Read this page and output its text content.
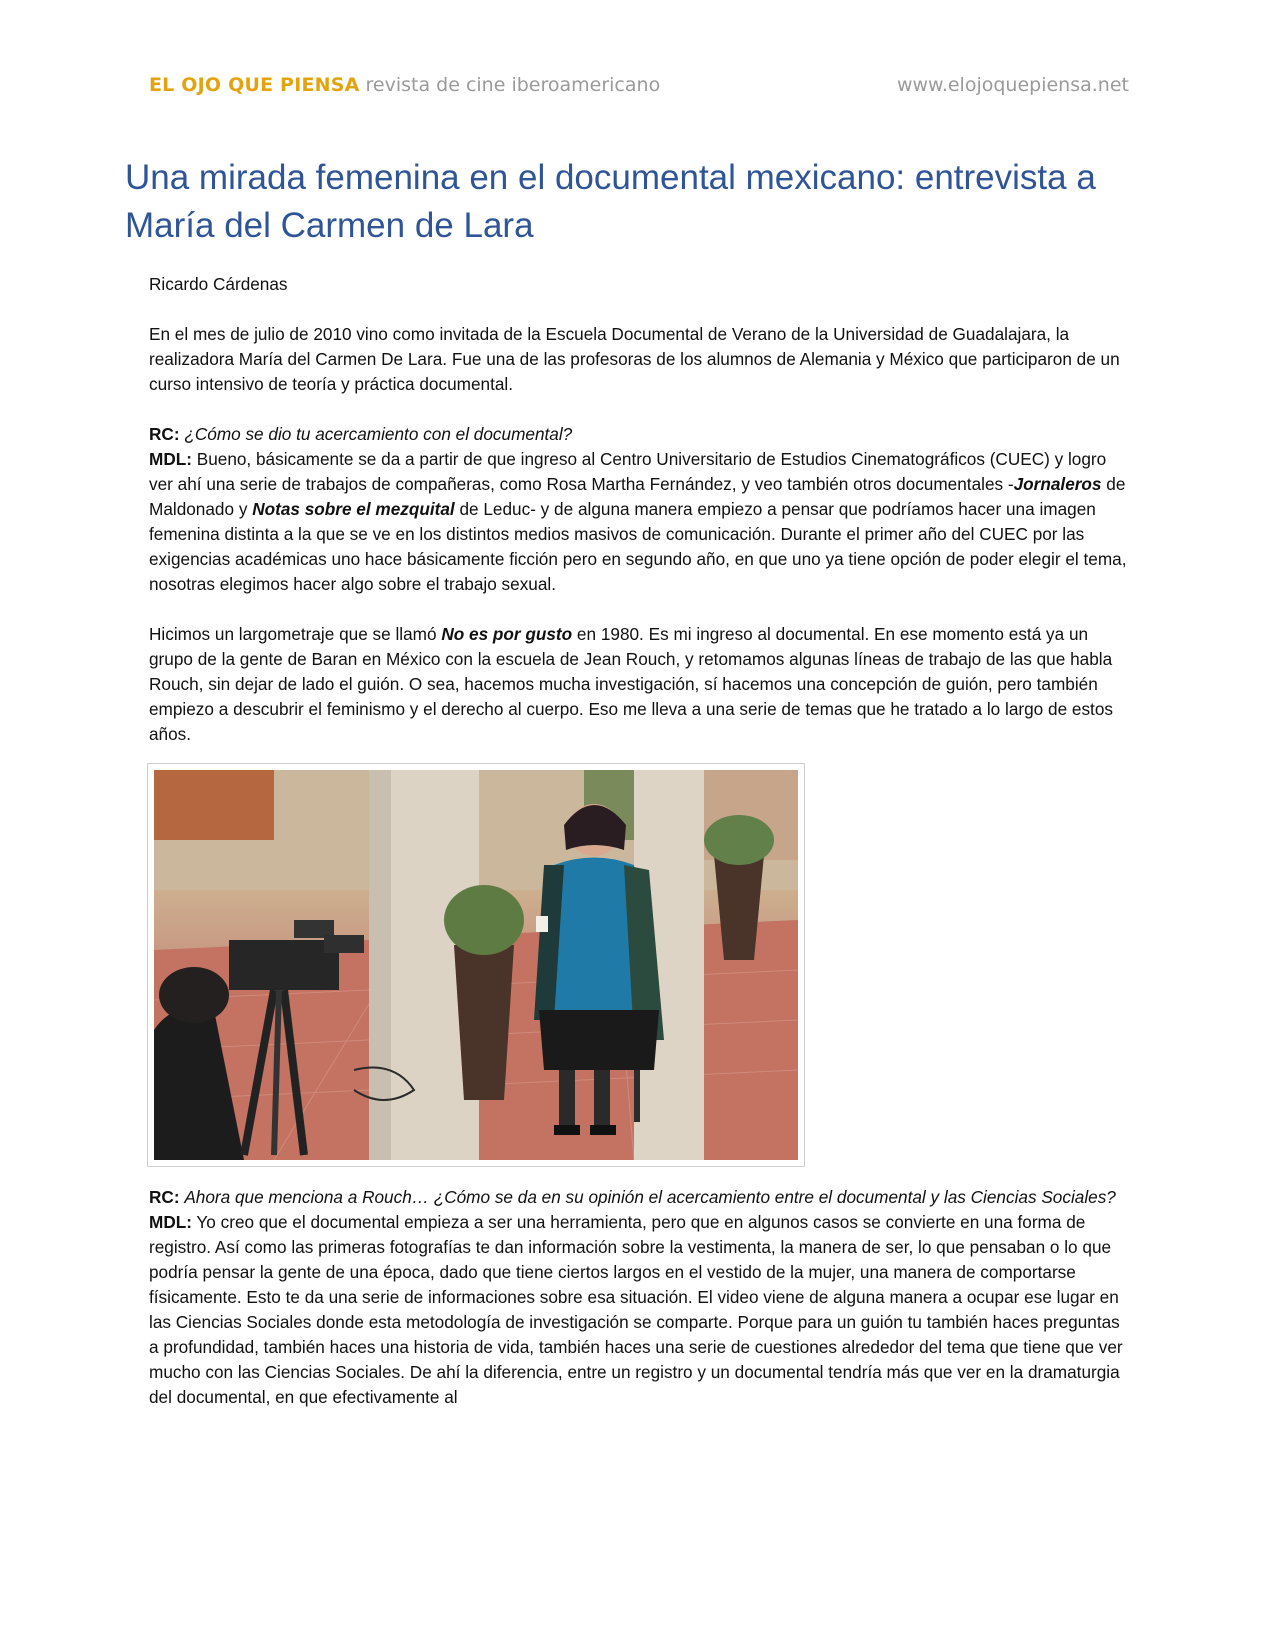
EL OJO QUE PIENSA revista de cine iberoamericano	www.elojoquepiensa.net
Una mirada femenina en el documental mexicano: entrevista a María del Carmen de Lara

Ricardo Cárdenas

En el mes de julio de 2010 vino como invitada de la Escuela Documental de Verano de la Universidad de Guadalajara, la realizadora María del Carmen De Lara. Fue una de las profesoras de los alumnos de Alemania y México que participaron de un curso intensivo de teoría y práctica documental.

RC: ¿Cómo se dio tu acercamiento con el documental?

MDL: Bueno, básicamente se da a partir de que ingreso al Centro Universitario de Estudios Cinematográficos (CUEC) y logro ver ahí una serie de trabajos de compañeras, como Rosa Martha Fernández, y veo también otros documentales -Jornaleros de Maldonado y Notas sobre el mezquital de Leduc- y de alguna manera empiezo a pensar que podríamos hacer una imagen femenina distinta a la que se ve en los distintos medios masivos de comunicación. Durante el primer año del CUEC por las exigencias académicas uno hace básicamente ficción pero en segundo año, en que uno ya tiene opción de poder elegir el tema, nosotras elegimos hacer algo sobre el trabajo sexual.

Hicimos un largometraje que se llamó No es por gusto en 1980. Es mi ingreso al documental. En ese momento está ya un grupo de la gente de Baran en México con la escuela de Jean Rouch, y retomamos algunas líneas de trabajo de las que habla Rouch, sin dejar de lado el guión. O sea, hacemos mucha investigación, sí hacemos una concepción de guión, pero también empiezo a descubrir el feminismo y el derecho al cuerpo. Eso me lleva a una serie de temas que he tratado a lo largo de estos años.

RC: Ahora que menciona a Rouch… ¿Cómo se da en su opinión el acercamiento entre el documental y las Ciencias Sociales?

MDL: Yo creo que el documental empieza a ser una herramienta, pero que en algunos casos se convierte en una forma de registro. Así como las primeras fotografías te dan información sobre la vestimenta, la manera de ser, lo que pensaban o lo que podría pensar la gente de una época, dado que tiene ciertos largos en el vestido de la mujer, una manera de comportarse físicamente. Esto te da una serie de informaciones sobre esa situación. El video viene de alguna manera a ocupar ese lugar en las Ciencias Sociales donde esta metodología de investigación se comparte. Porque para un guión tu también haces preguntas a profundidad, también haces una historia de vida, también haces una serie de cuestiones alrededor del tema que tiene que ver mucho con las Ciencias Sociales. De ahí la diferencia, entre un registro y un documental tendría más que ver en la dramaturgia del documental, en que efectivamente al
